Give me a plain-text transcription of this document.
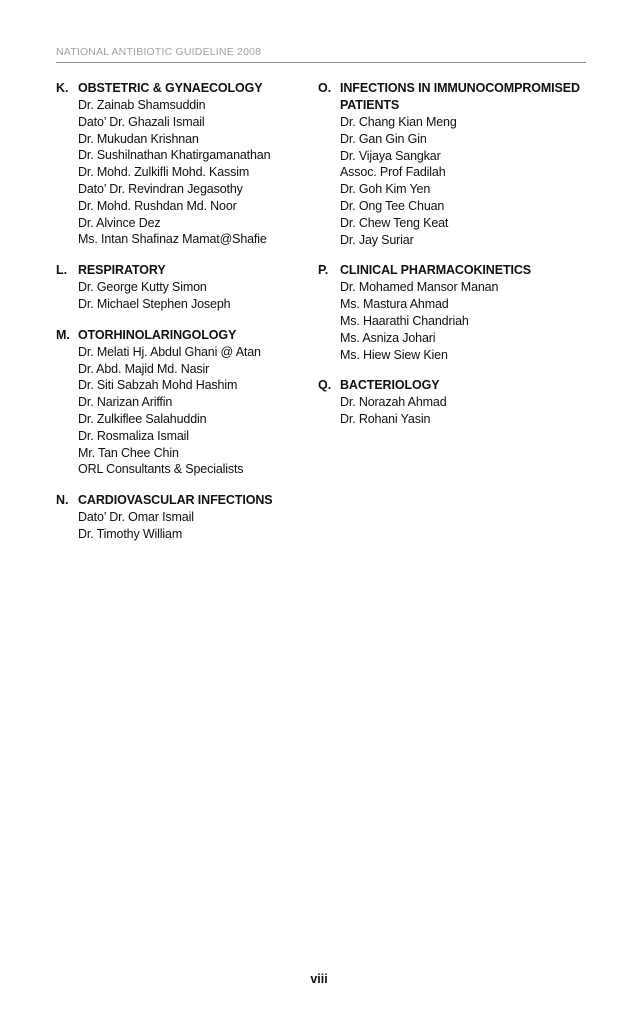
NATIONAL ANTIBIOTIC GUIDELINE 2008
K. OBSTETRIC & GYNAECOLOGY
Dr. Zainab Shamsuddin
Dato’ Dr. Ghazali Ismail
Dr. Mukudan Krishnan
Dr. Sushilnathan Khatirgamanathan
Dr. Mohd. Zulkifli Mohd. Kassim
Dato’ Dr. Revindran Jegasothy
Dr. Mohd. Rushdan Md. Noor
Dr. Alvince Dez
Ms. Intan Shafinaz Mamat@Shafie
L. RESPIRATORY
Dr. George Kutty Simon
Dr. Michael Stephen Joseph
M. OTORHINOLARINGOLOGY
Dr. Melati Hj. Abdul Ghani @ Atan
Dr. Abd. Majid Md. Nasir
Dr. Siti Sabzah Mohd Hashim
Dr. Narizan Ariffin
Dr. Zulkiflee Salahuddin
Dr. Rosmaliza Ismail
Mr. Tan Chee Chin
ORL Consultants & Specialists
N. CARDIOVASCULAR INFECTIONS
Dato’ Dr. Omar Ismail
Dr. Timothy William
O. INFECTIONS IN IMMUNOCOMPROMISED PATIENTS
Dr. Chang Kian Meng
Dr. Gan Gin Gin
Dr. Vijaya Sangkar
Assoc. Prof Fadilah
Dr. Goh Kim Yen
Dr. Ong Tee Chuan
Dr. Chew Teng Keat
Dr. Jay Suriar
P. CLINICAL PHARMACOKINETICS
Dr. Mohamed Mansor Manan
Ms. Mastura Ahmad
Ms. Haarathi Chandriah
Ms. Asniza Johari
Ms. Hiew Siew Kien
Q. BACTERIOLOGY
Dr. Norazah Ahmad
Dr. Rohani Yasin
viii
